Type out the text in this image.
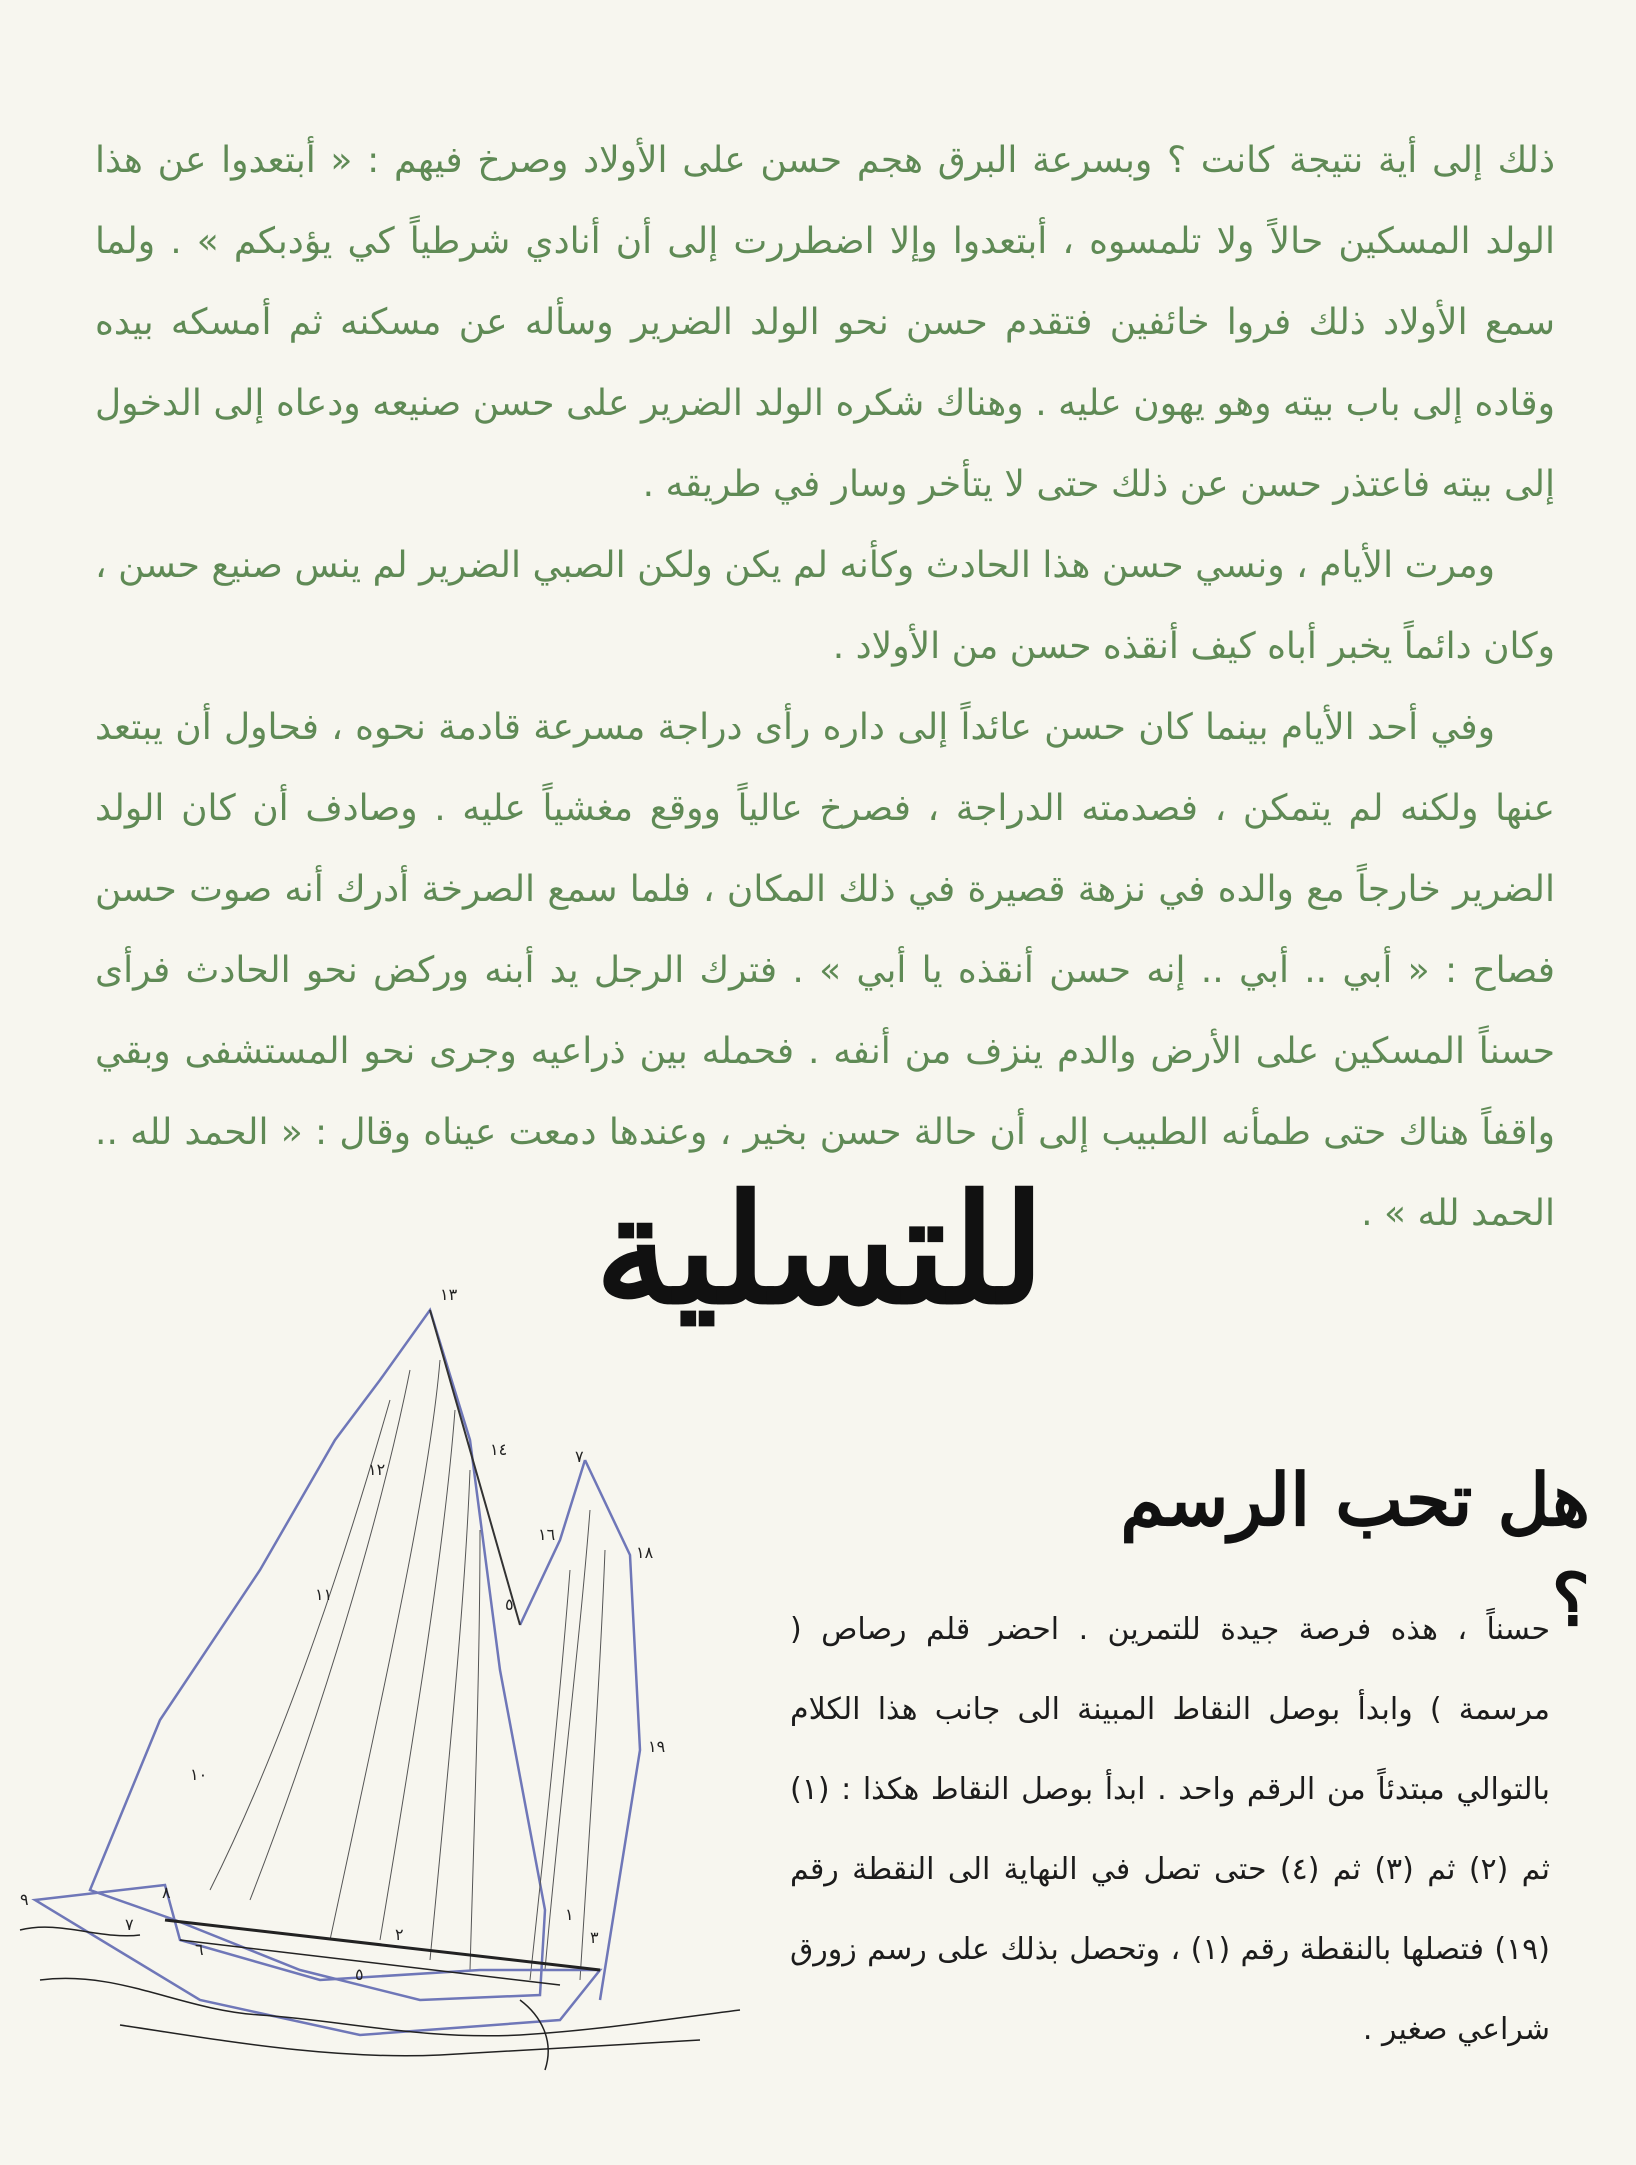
ذلك إلى أية نتيجة كانت ؟ وبسرعة البرق هجم حسن على الأولاد وصرخ فيهم : « أبتعدوا عن هذا الولد المسكين حالاً ولا تلمسوه ، أبتعدوا وإلا اضطررت إلى أن أنادي شرطياً كي يؤدبكم » . ولما سمع الأولاد ذلك فروا خائفين فتقدم حسن نحو الولد الضرير وسأله عن مسكنه ثم أمسكه بيده وقاده إلى باب بيته وهو يهون عليه . وهناك شكره الولد الضرير على حسن صنيعه ودعاه إلى الدخول إلى بيته فاعتذر حسن عن ذلك حتى لا يتأخر وسار في طريقه .

ومرت الأيام ، ونسي حسن هذا الحادث وكأنه لم يكن ولكن الصبي الضرير لم ينس صنيع حسن ، وكان دائماً يخبر أباه كيف أنقذه حسن من الأولاد .

وفي أحد الأيام بينما كان حسن عائداً إلى داره رأى دراجة مسرعة قادمة نحوه ، فحاول أن يبتعد عنها ولكنه لم يتمكن ، فصدمته الدراجة ، فصرخ عالياً ووقع مغشياً عليه . وصادف أن كان الولد الضرير خارجاً مع والده في نزهة قصيرة في ذلك المكان ، فلما سمع الصرخة أدرك أنه صوت حسن فصاح : « أبي .. أبي .. إنه حسن أنقذه يا أبي » . فترك الرجل يد أبنه وركض نحو الحادث فرأى حسناً المسكين على الأرض والدم ينزف من أنفه . فحمله بين ذراعيه وجرى نحو المستشفى وبقي واقفاً هناك حتى طمأنه الطبيب إلى أن حالة حسن بخير ، وعندها دمعت عيناه وقال : « الحمد لله .. الحمد لله » .

للتسلية
هل تحب الرسم ؟

حسناً ، هذه فرصة جيدة للتمرين . احضر قلم رصاص ( مرسمة ) وابدأ بوصل النقاط المبينة الى جانب هذا الكلام بالتوالي مبتدئاً من الرقم واحد . ابدأ بوصل النقاط هكذا : (١) ثم (٢) ثم (٣) ثم (٤) حتى تصل في النهاية الى النقطة رقم (١٩) فتصلها بالنقطة رقم (١) ، وتحصل بذلك على رسم زورق شراعي صغير .

١٣
١٢
١٤	٧
١٦
١٨
١١
٥
١٩
١٠
٩	٨
٧
٦
٥
١
٢	٣
